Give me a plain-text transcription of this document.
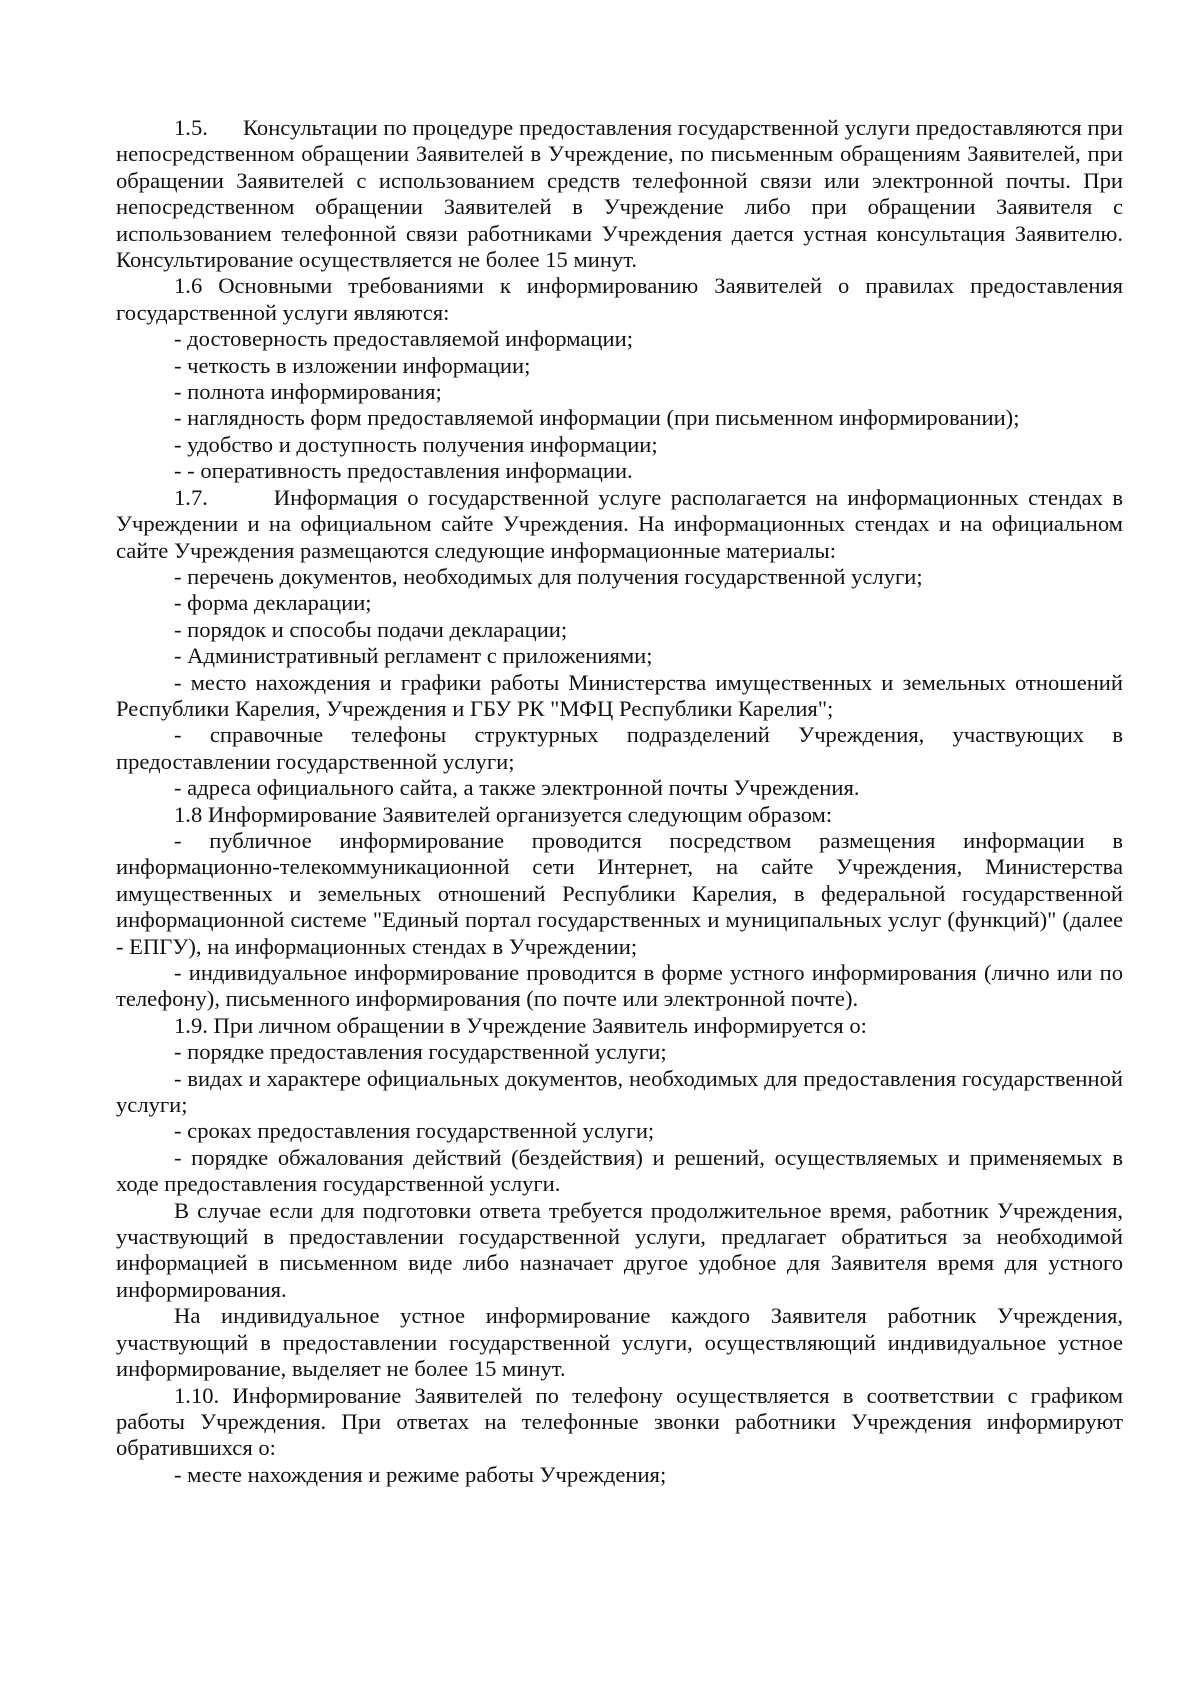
1.5.      Консультации по процедуре предоставления государственной услуги предоставляются при непосредственном обращении Заявителей в Учреждение, по письменным обращениям Заявителей, при обращении Заявителей с использованием средств телефонной связи или электронной почты. При непосредственном обращении Заявителей в Учреждение либо при обращении Заявителя с использованием телефонной связи работниками Учреждения дается устная консультация Заявителю. Консультирование осуществляется не более 15 минут.

1.6 Основными требованиями к информированию Заявителей о правилах предоставления государственной услуги являются:

- достоверность предоставляемой информации;

- четкость в изложении информации;

- полнота информирования;

- наглядность форм предоставляемой информации (при письменном информировании);

- удобство и доступность получения информации;

- - оперативность предоставления информации.

1.7.       Информация о государственной услуге располагается на информационных стендах в Учреждении и на официальном сайте Учреждения. На информационных стендах и на официальном сайте Учреждения размещаются следующие информационные материалы:

- перечень документов, необходимых для получения государственной услуги;

- форма декларации;

- порядок и способы подачи декларации;

- Административный регламент с приложениями;

- место нахождения и графики работы Министерства имущественных и земельных отношений Республики Карелия, Учреждения и ГБУ РК "МФЦ Республики Карелия";

- справочные телефоны структурных подразделений Учреждения, участвующих в предоставлении государственной услуги;

- адреса официального сайта, а также электронной почты Учреждения.

1.8 Информирование Заявителей организуется следующим образом:

- публичное информирование проводится посредством размещения информации в информационно-телекоммуникационной сети Интернет, на сайте Учреждения, Министерства имущественных и земельных отношений Республики Карелия, в федеральной государственной информационной системе "Единый портал государственных и муниципальных услуг (функций)" (далее - ЕПГУ), на информационных стендах в Учреждении;

- индивидуальное информирование проводится в форме устного информирования (лично или по телефону), письменного информирования (по почте или электронной почте).

1.9. При личном обращении в Учреждение Заявитель информируется о:

- порядке предоставления государственной услуги;

- видах и характере официальных документов, необходимых для предоставления государственной услуги;

- сроках предоставления государственной услуги;

- порядке обжалования действий (бездействия) и решений, осуществляемых и применяемых в ходе предоставления государственной услуги.

В случае если для подготовки ответа требуется продолжительное время, работник Учреждения, участвующий в предоставлении государственной услуги, предлагает обратиться за необходимой информацией в письменном виде либо назначает другое удобное для Заявителя время для устного информирования.

На индивидуальное устное информирование каждого Заявителя работник Учреждения, участвующий в предоставлении государственной услуги, осуществляющий индивидуальное устное информирование, выделяет не более 15 минут.

1.10. Информирование Заявителей по телефону осуществляется в соответствии с графиком работы Учреждения. При ответах на телефонные звонки работники Учреждения информируют обратившихся о:

- месте нахождения и режиме работы Учреждения;
